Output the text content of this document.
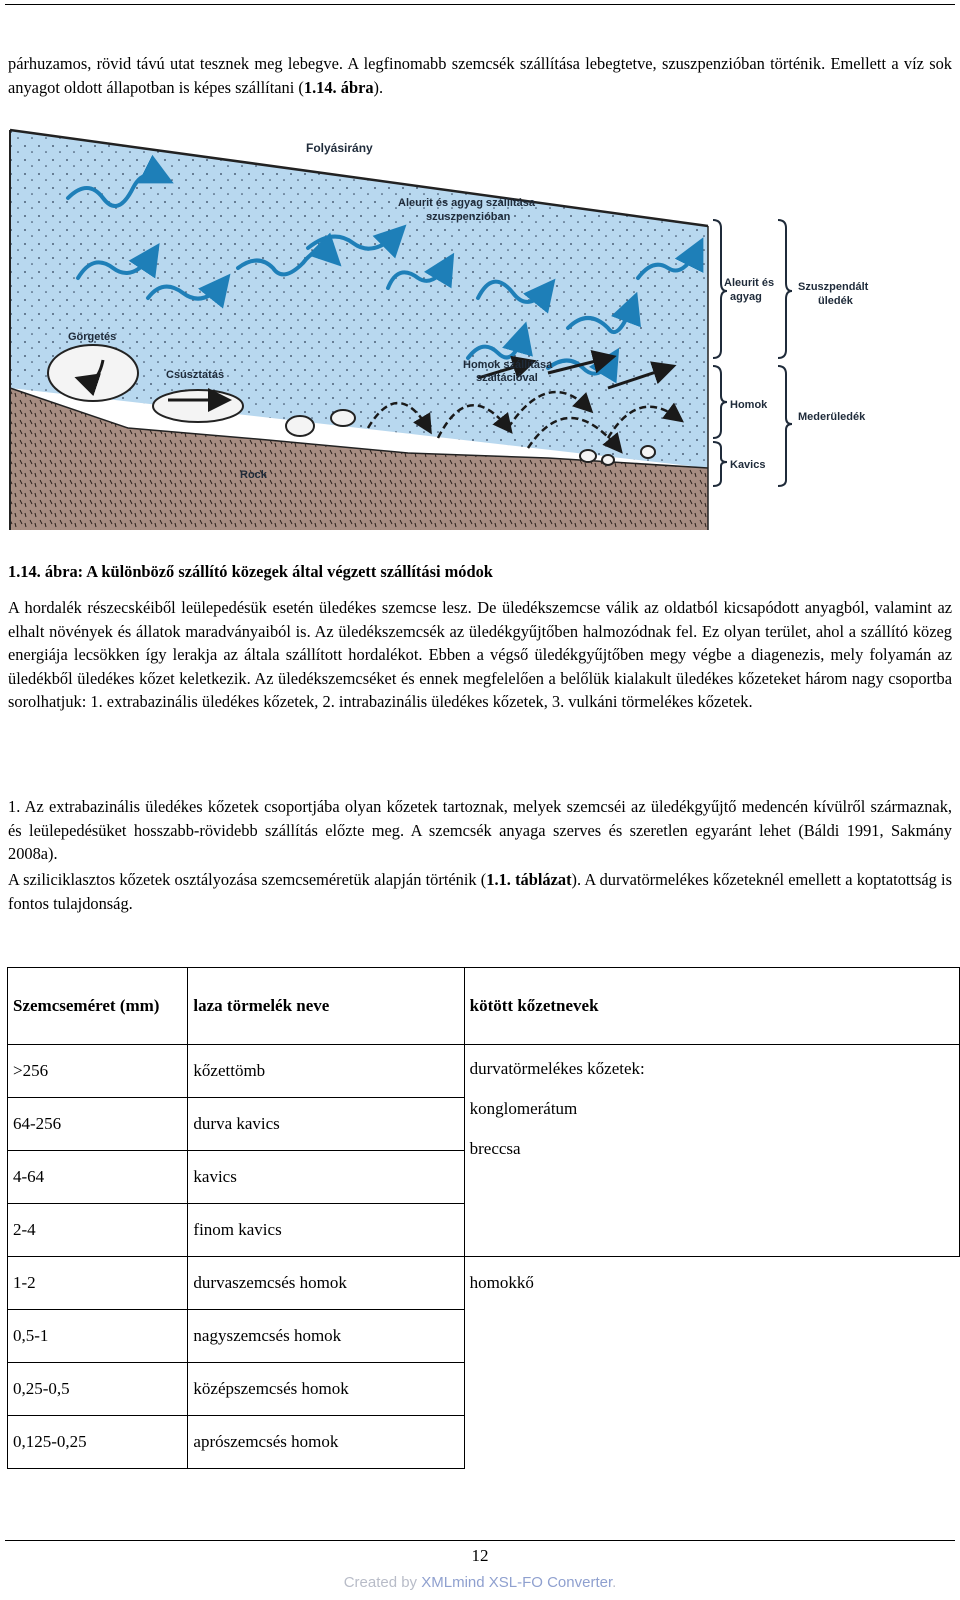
párhuzamos, rövid távú utat tesznek meg lebegve. A legfinomabb szemcsék szállítása lebegtetve, szuszpenzióban történik. Emellett a víz sok anyagot oldott állapotban is képes szállítani (1.14. ábra).

Folyásirány
Aleurit és agyag szállítása
szuszpenzióban
Görgetés
Csúsztatás
Homok szállítása
szaltációval
Rock
Aleurit és
agyag
Homok
Kavics
Szuszpendált
üledék
Mederüledék
1.14. ábra: A különböző szállító közegek által végzett szállítási módok

A hordalék részecskéiből leülepedésük esetén üledékes szemcse lesz. De üledékszemcse válik az oldatból kicsapódott anyagból, valamint az elhalt növények és állatok maradványaiból is. Az üledékszemcsék az üledékgyűjtőben halmozódnak fel. Ez olyan terület, ahol a szállító közeg energiája lecsökken így lerakja az általa szállított hordalékot. Ebben a végső üledékgyűjtőben megy végbe a diagenezis, mely folyamán az üledékből üledékes kőzet keletkezik. Az üledékszemcséket és ennek megfelelően a belőlük kialakult üledékes kőzeteket három nagy csoportba sorolhatjuk: 1. extrabazinális üledékes kőzetek, 2. intrabazinális üledékes kőzetek, 3. vulkáni törmelékes kőzetek.

1. Az extrabazinális üledékes kőzetek csoportjába olyan kőzetek tartoznak, melyek szemcséi az üledékgyűjtő medencén kívülről származnak, és leülepedésüket hosszabb-rövidebb szállítás előzte meg. A szemcsék anyaga szerves és szeretlen egyaránt lehet (Báldi 1991, Sakmány 2008a).

A sziliciklasztos kőzetek osztályozása szemcseméretük alapján történik (1.1. táblázat). A durvatörmelékes kőzeteknél emellett a koptatottság is fontos tulajdonság.

Szemcseméret (mm)	laza törmelék neve	kötött kőzetnevek
>256	kőzettömb	durvatörmelékes kőzetek:
konglomerátum
breccsa

64-256	durva kavics	
4-64	kavics	
2-4	finom kavics	
1-2	durvaszemcsés homok	homokkő
0,5-1	nagyszemcsés homok	
0,25-0,5	középszemcsés homok	
0,125-0,25	aprószemcsés homok	
12
Created by XMLmind XSL-FO Converter.
